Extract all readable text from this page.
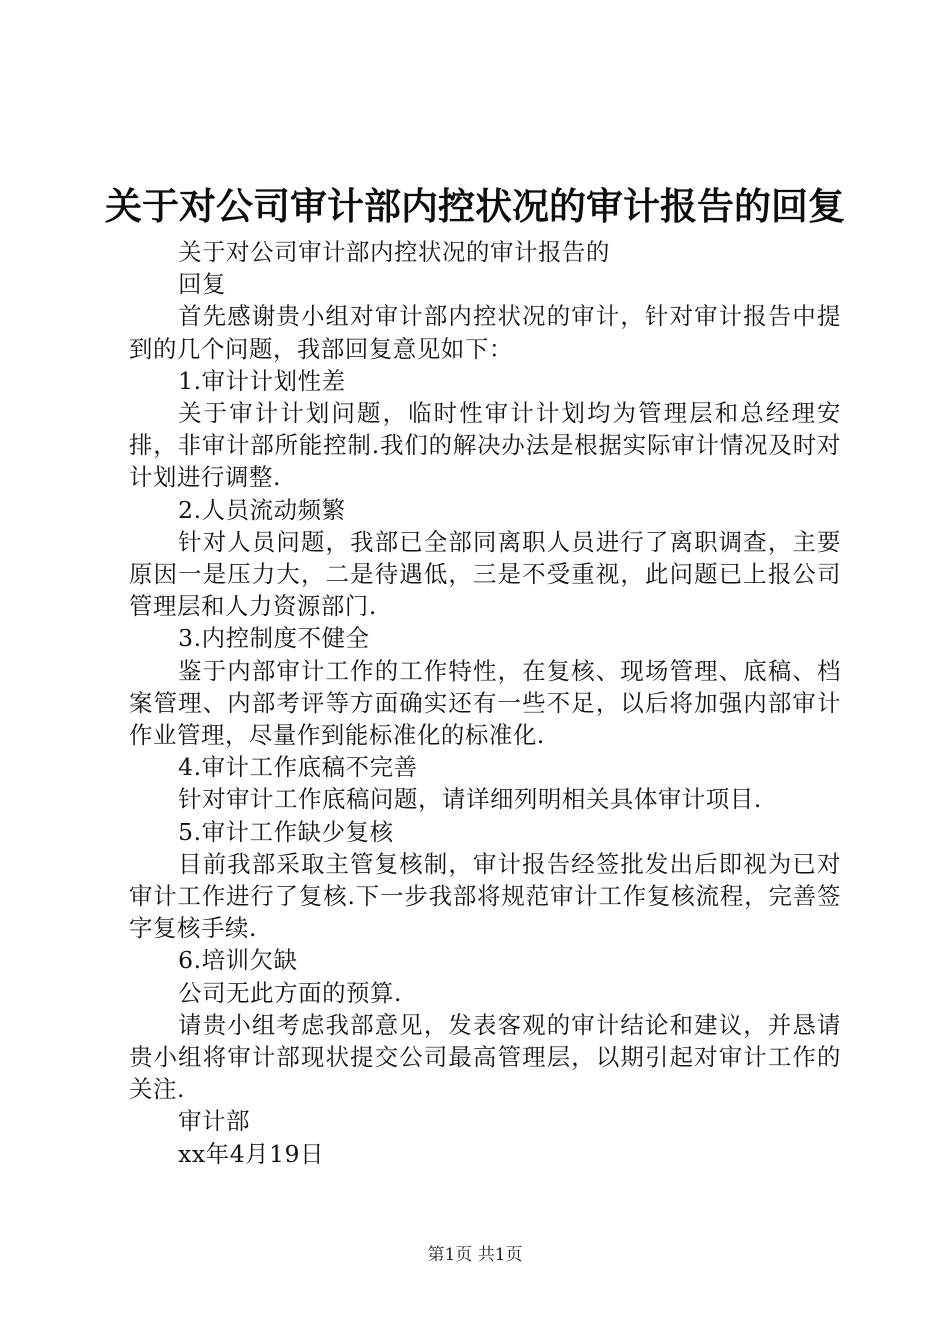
关于对公司审计部内控状况的审计报告的回复
关于对公司审计部内控状况的审计报告的
回复
首先感谢贵小组对审计部内控状况的审计，针对审计报告中提到的几个问题，我部回复意见如下：
1.审计计划性差
关于审计计划问题，临时性审计计划均为管理层和总经理安排，非审计部所能控制.我们的解决办法是根据实际审计情况及时对计划进行调整.
2.人员流动频繁
针对人员问题，我部已全部同离职人员进行了离职调查，主要原因一是压力大，二是待遇低，三是不受重视，此问题已上报公司管理层和人力资源部门.
3.内控制度不健全
鉴于内部审计工作的工作特性，在复核、现场管理、底稿、档案管理、内部考评等方面确实还有一些不足，以后将加强内部审计作业管理，尽量作到能标准化的标准化.
4.审计工作底稿不完善
针对审计工作底稿问题，请详细列明相关具体审计项目.
5.审计工作缺少复核
目前我部采取主管复核制，审计报告经签批发出后即视为已对审计工作进行了复核.下一步我部将规范审计工作复核流程，完善签字复核手续.
6.培训欠缺
公司无此方面的预算.
请贵小组考虑我部意见，发表客观的审计结论和建议，并恳请贵小组将审计部现状提交公司最高管理层，以期引起对审计工作的关注.
审计部
xx年4月19日
第1页 共1页
